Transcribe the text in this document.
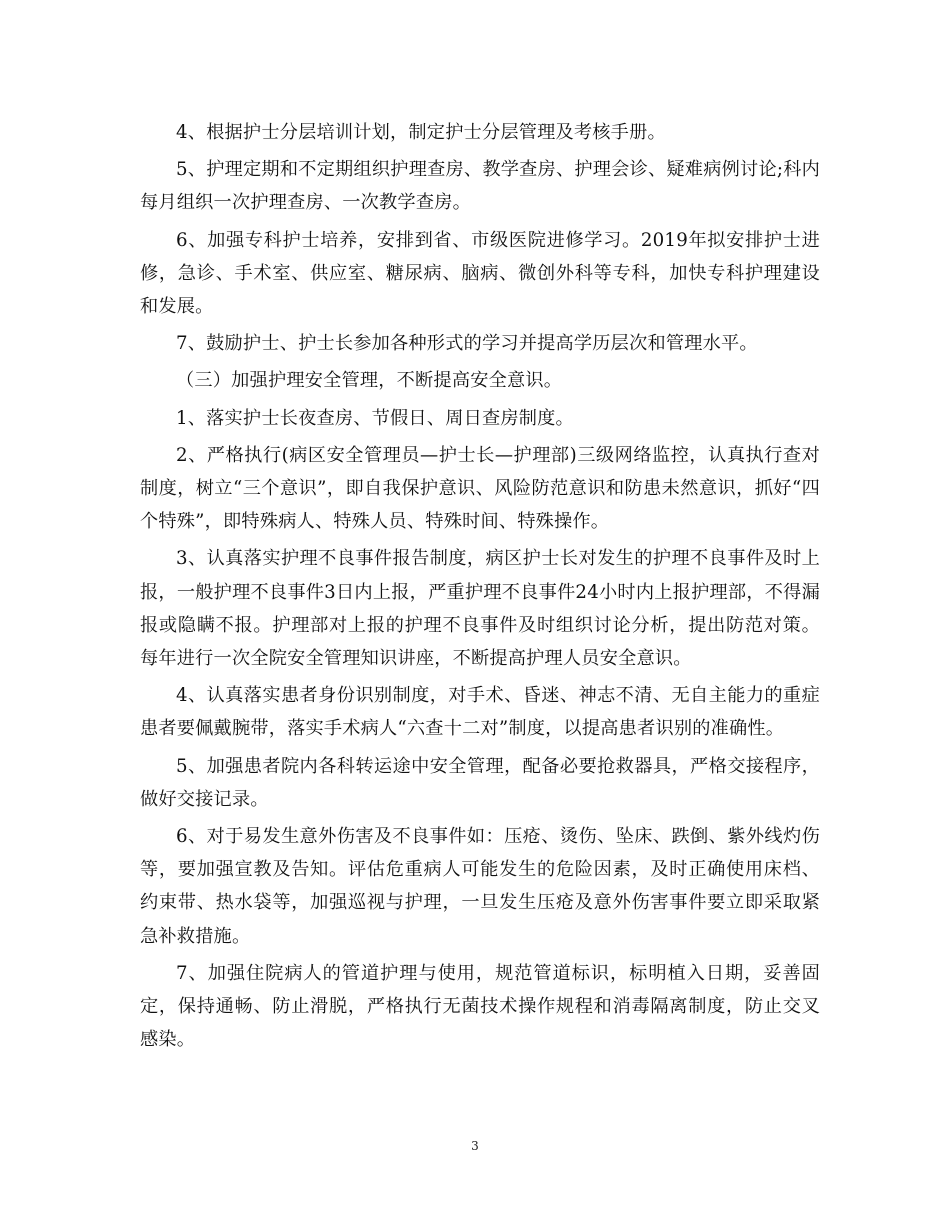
4、根据护士分层培训计划，制定护士分层管理及考核手册。

5、护理定期和不定期组织护理查房、教学查房、护理会诊、疑难病例讨论;科内每月组织一次护理查房、一次教学查房。

6、加强专科护士培养，安排到省、市级医院进修学习。2019年拟安排护士进修，急诊、手术室、供应室、糖尿病、脑病、微创外科等专科，加快专科护理建设和发展。

7、鼓励护士、护士长参加各种形式的学习并提高学历层次和管理水平。

（三）加强护理安全管理，不断提高安全意识。

1、落实护士长夜查房、节假日、周日查房制度。

2、严格执行(病区安全管理员—护士长—护理部)三级网络监控，认真执行查对制度，树立“三个意识”，即自我保护意识、风险防范意识和防患未然意识，抓好“四个特殊”，即特殊病人、特殊人员、特殊时间、特殊操作。

3、认真落实护理不良事件报告制度，病区护士长对发生的护理不良事件及时上报，一般护理不良事件3日内上报，严重护理不良事件24小时内上报护理部，不得漏报或隐瞒不报。护理部对上报的护理不良事件及时组织讨论分析，提出防范对策。每年进行一次全院安全管理知识讲座，不断提高护理人员安全意识。

4、认真落实患者身份识别制度，对手术、昏迷、神志不清、无自主能力的重症患者要佩戴腕带，落实手术病人“六查十二对”制度，以提高患者识别的准确性。

5、加强患者院内各科转运途中安全管理，配备必要抢救器具，严格交接程序，做好交接记录。

6、对于易发生意外伤害及不良事件如：压疮、烫伤、坠床、跌倒、紫外线灼伤等，要加强宣教及告知。评估危重病人可能发生的危险因素，及时正确使用床档、约束带、热水袋等，加强巡视与护理，一旦发生压疮及意外伤害事件要立即采取紧急补救措施。

7、加强住院病人的管道护理与使用，规范管道标识，标明植入日期，妥善固定，保持通畅、防止滑脱，严格执行无菌技术操作规程和消毒隔离制度，防止交叉感染。

3
